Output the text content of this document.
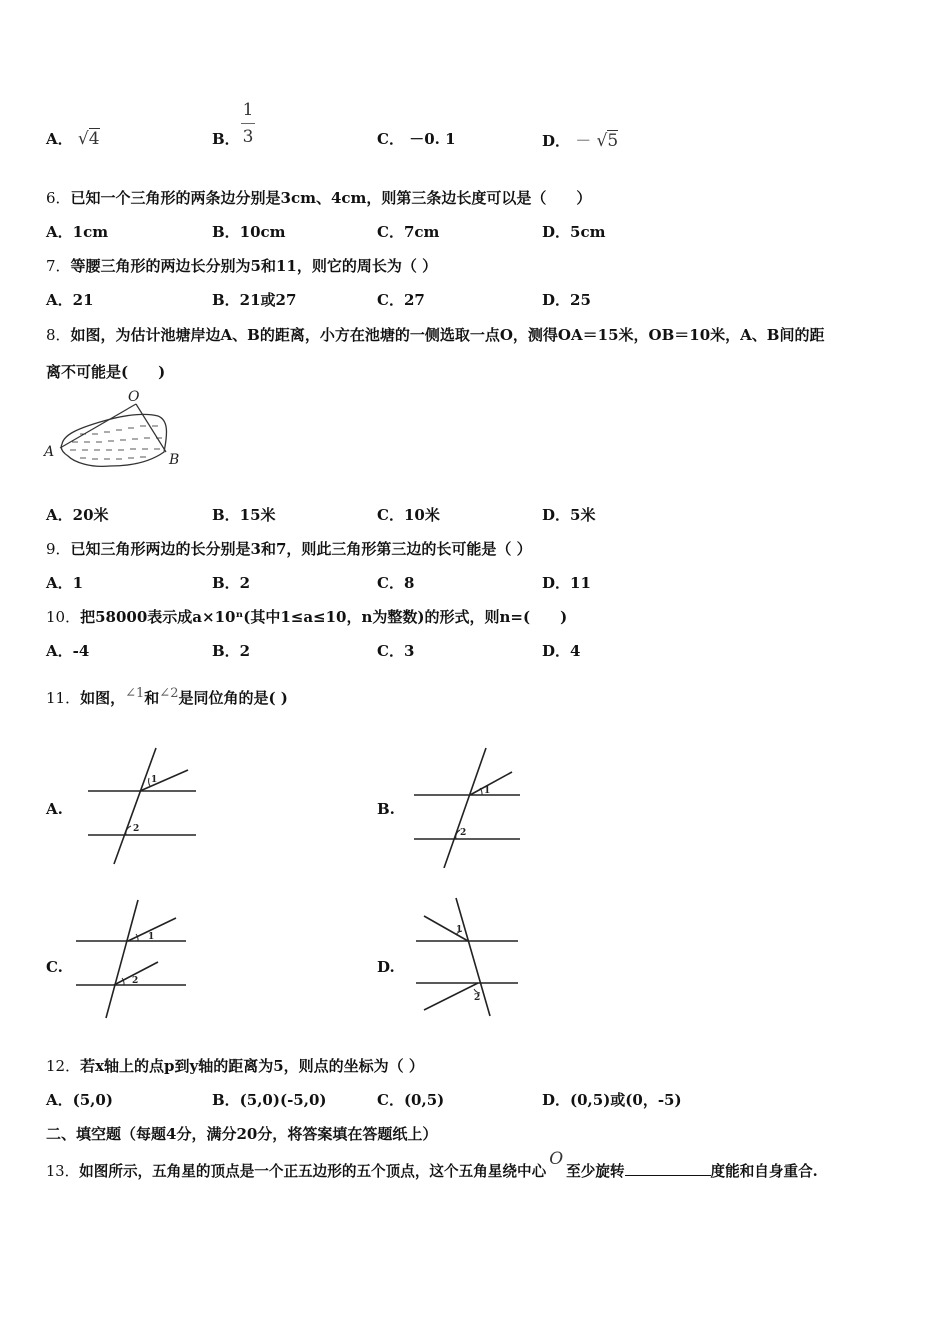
A． √4	B．
1
3	C． －0. 1	D． － √5
6．已知一个三角形的两条边分别是3cm、4cm，则第三条边长度可以是（　　）
A．1cm	B．10cm	C．7cm	D．5cm
7．等腰三角形的两边长分别为5和11，则它的周长为（ ）
A．21	B．21或27	C．27	D．25
8．如图，为估计池塘岸边A、B的距离，小方在池塘的一侧选取一点O，测得OA＝15米，OB＝10米，A、B间的距
离不可能是(　　)
O
A	B
A．20米	B．15米	C．10米	D．5米
9．已知三角形两边的长分别是3和7，则此三角形第三边的长可能是（ ）
A．1	B．2	C．8	D．11
10．把58000表示成a×10ⁿ(其中1≤a≤10，n为整数)的形式，则n=(　　)
A．-4	B．2	C．3	D．4
11．如图，∠1和∠2是同位角的是( )
A.
1
2
B.
1
2
C.
1
2
D.
1
2
12．若x轴上的点p到y轴的距离为5，则点的坐标为（ ）
A．(5,0)	B．(5,0)(-5,0)	C．(0,5)	D．(0,5)或(0，-5)
二、填空题（每题4分，满分20分，将答案填在答题纸上）
13．如图所示，五角星的顶点是一个正五边形的五个顶点，这个五角星绕中心O至少旋转	度能和自身重合.
